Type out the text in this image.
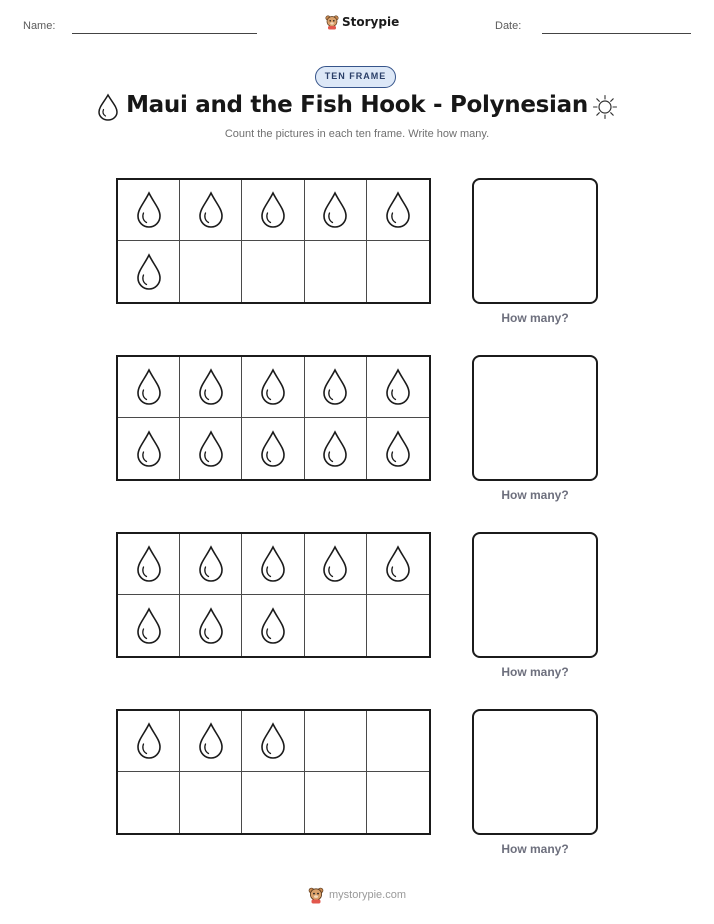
Name:	Storypie	Date:
TEN FRAME
Maui and the Fish Hook - Polynesian
Count the pictures in each ten frame. Write how many.
How many?
How many?
How many?
How many?
mystorypie.com
